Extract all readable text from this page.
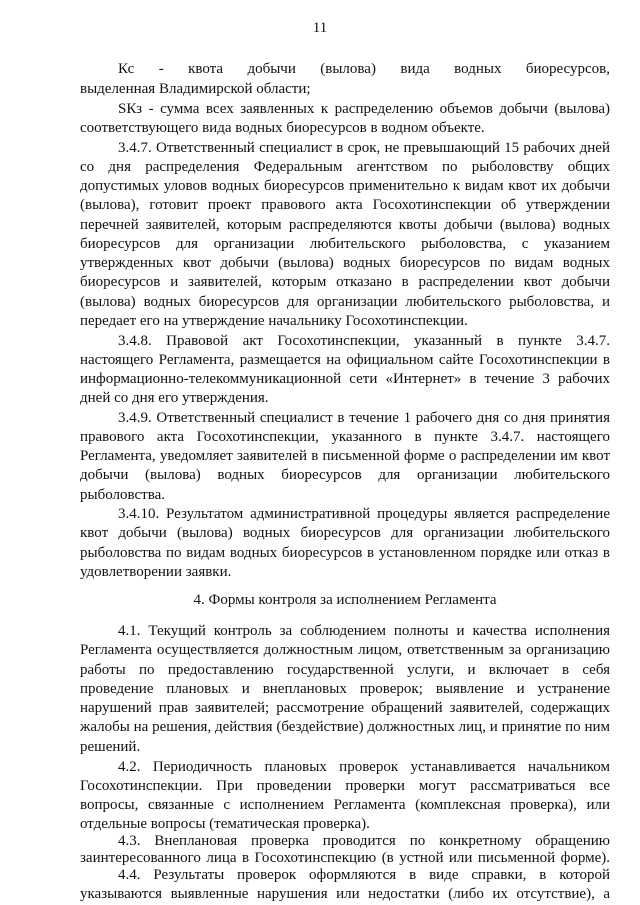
11
Кс - квота добычи (вылова) вида водных биоресурсов,
выделенная Владимирской области;
SКз - сумма всех заявленных к распределению объемов добычи (вылова)
соответствующего вида водных биоресурсов в водном объекте.
3.4.7. Ответственный специалист в срок, не превышающий 15 рабочих дней
со дня распределения Федеральным агентством по рыболовству общих
допустимых уловов водных биоресурсов применительно к видам квот их добычи
(вылова), готовит проект правового акта Госохотинспекции об утверждении
перечней заявителей, которым распределяются квоты добычи (вылова) водных
биоресурсов для организации любительского рыболовства, с указанием
утвержденных квот добычи (вылова) водных биоресурсов по видам водных
биоресурсов и заявителей, которым отказано в распределении квот добычи
(вылова) водных биоресурсов для организации любительского рыболовства, и
передает его на утверждение начальнику Госохотинспекции.
3.4.8. Правовой акт Госохотинспекции, указанный в пункте 3.4.7.
настоящего Регламента, размещается на официальном сайте Госохотинспекции в
информационно-телекоммуникационной сети «Интернет» в течение 3 рабочих
дней со дня его утверждения.
3.4.9. Ответственный специалист в течение 1 рабочего дня со дня принятия
правового акта Госохотинспекции, указанного в пункте 3.4.7. настоящего
Регламента, уведомляет заявителей в письменной форме о распределении им квот
добычи (вылова) водных биоресурсов для организации любительского
рыболовства.
3.4.10. Результатом административной процедуры является распределение
квот добычи (вылова) водных биоресурсов для организации любительского
рыболовства по видам водных биоресурсов в установленном порядке или отказ в
удовлетворении заявки.
4. Формы контроля за исполнением Регламента
4.1. Текущий контроль за соблюдением полноты и качества исполнения
Регламента осуществляется должностным лицом, ответственным за организацию
работы по предоставлению государственной услуги, и включает в себя
проведение плановых и внеплановых проверок; выявление и устранение
нарушений прав заявителей; рассмотрение обращений заявителей, содержащих
жалобы на решения, действия (бездействие) должностных лиц, и принятие по ним
решений.
4.2. Периодичность плановых проверок устанавливается начальником
Госохотинспекции. При проведении проверки могут рассматриваться все
вопросы, связанные с исполнением Регламента (комплексная проверка), или
отдельные вопросы (тематическая проверка).
4.3. Внеплановая проверка проводится по конкретному обращению
заинтересованного лица в Госохотинспекцию (в устной или письменной форме).
4.4. Результаты проверок оформляются в виде справки, в которой
указываются выявленные нарушения или недостатки (либо их отсутствие), а
